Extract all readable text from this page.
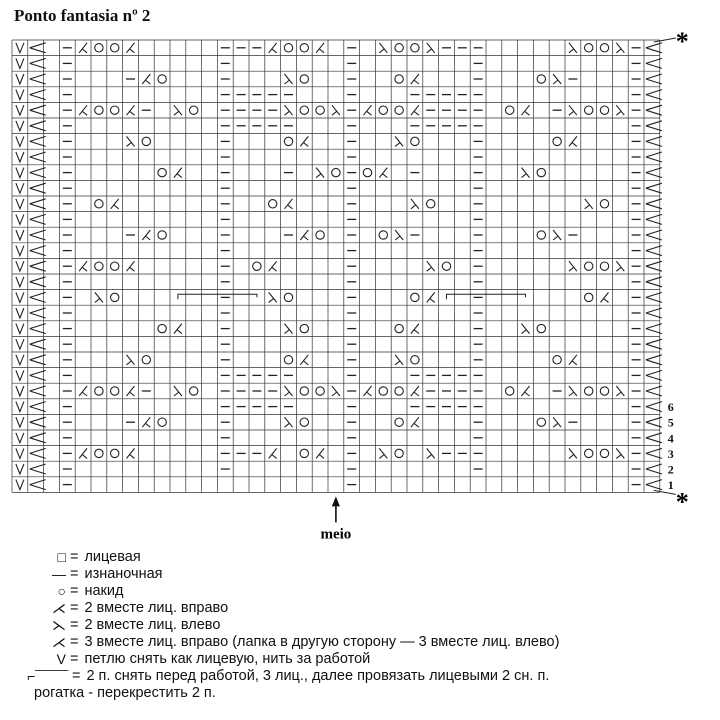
Ponto fantasia nº 2
1
2
3
4
5
6
*
*
meio
□ = лицевая
— = изнаночная
○ = накид
⋌ = 2 вместе лиц. вправо
⋋ = 2 вместе лиц. влево
⋌ = 3 вместе лиц. вправо (лапка в другую сторону — 3 вместе лиц. влево)
V = петлю снять как лицевую, нить за работой
⌐‾‾‾‾‾‾‾ = 2 п. снять перед работой, 3 лиц., далее провязать лицевыми 2 сн. п.
рогатка - перекрестить 2 п.
